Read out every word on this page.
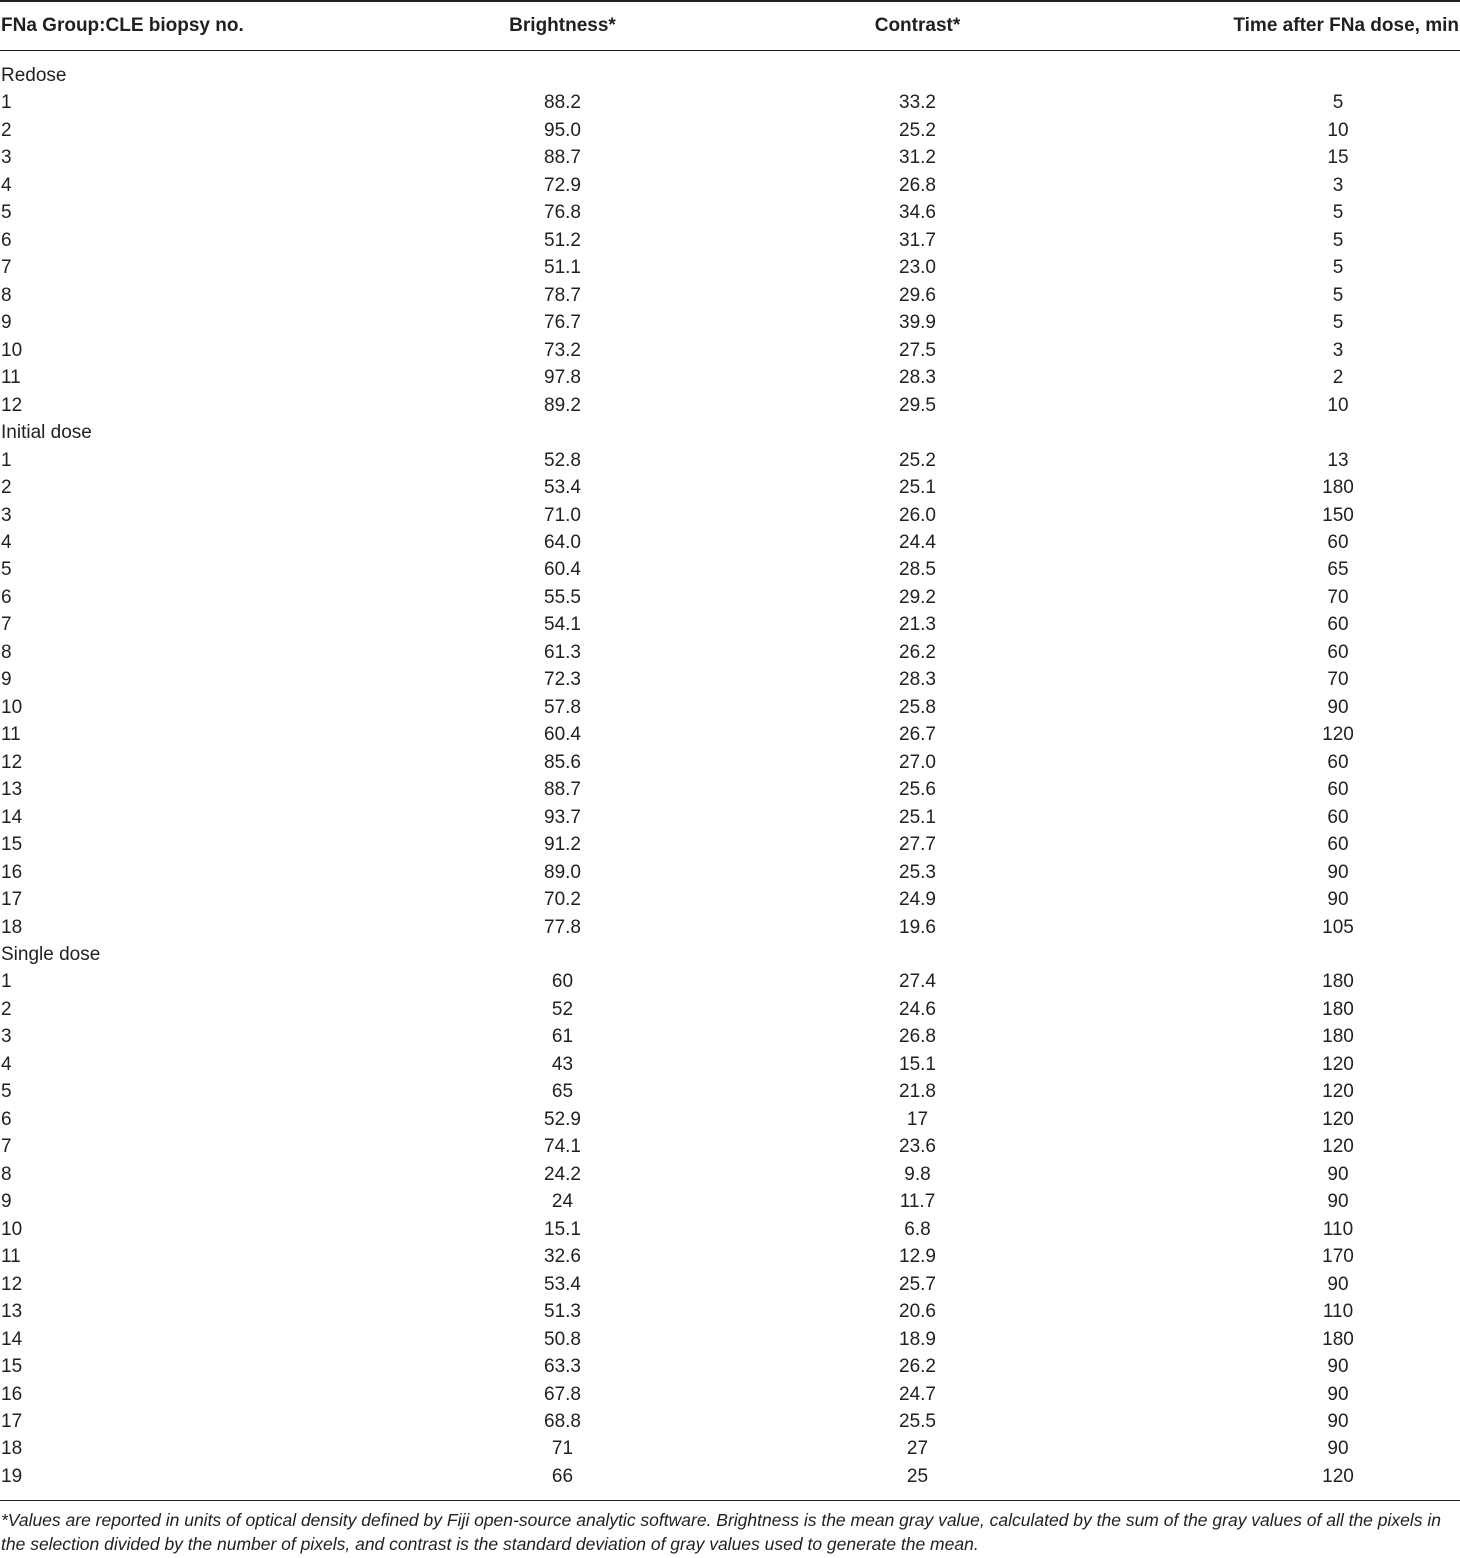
FNa Group:CLE biopsy no.	Brightness*	Contrast*	Time after FNa dose, min
Redose
1	88.2	33.2	5
2	95.0	25.2	10
3	88.7	31.2	15
4	72.9	26.8	3
5	76.8	34.6	5
6	51.2	31.7	5
7	51.1	23.0	5
8	78.7	29.6	5
9	76.7	39.9	5
10	73.2	27.5	3
11	97.8	28.3	2
12	89.2	29.5	10
Initial dose
1	52.8	25.2	13
2	53.4	25.1	180
3	71.0	26.0	150
4	64.0	24.4	60
5	60.4	28.5	65
6	55.5	29.2	70
7	54.1	21.3	60
8	61.3	26.2	60
9	72.3	28.3	70
10	57.8	25.8	90
11	60.4	26.7	120
12	85.6	27.0	60
13	88.7	25.6	60
14	93.7	25.1	60
15	91.2	27.7	60
16	89.0	25.3	90
17	70.2	24.9	90
18	77.8	19.6	105
Single dose
1	60	27.4	180
2	52	24.6	180
3	61	26.8	180
4	43	15.1	120
5	65	21.8	120
6	52.9	17	120
7	74.1	23.6	120
8	24.2	9.8	90
9	24	11.7	90
10	15.1	6.8	110
11	32.6	12.9	170
12	53.4	25.7	90
13	51.3	20.6	110
14	50.8	18.9	180
15	63.3	26.2	90
16	67.8	24.7	90
17	68.8	25.5	90
18	71	27	90
19	66	25	120
*Values are reported in units of optical density defined by Fiji open-source analytic software. Brightness is the mean gray value, calculated by the sum of the gray values of all the pixels in the selection divided by the number of pixels, and contrast is the standard deviation of gray values used to generate the mean.
